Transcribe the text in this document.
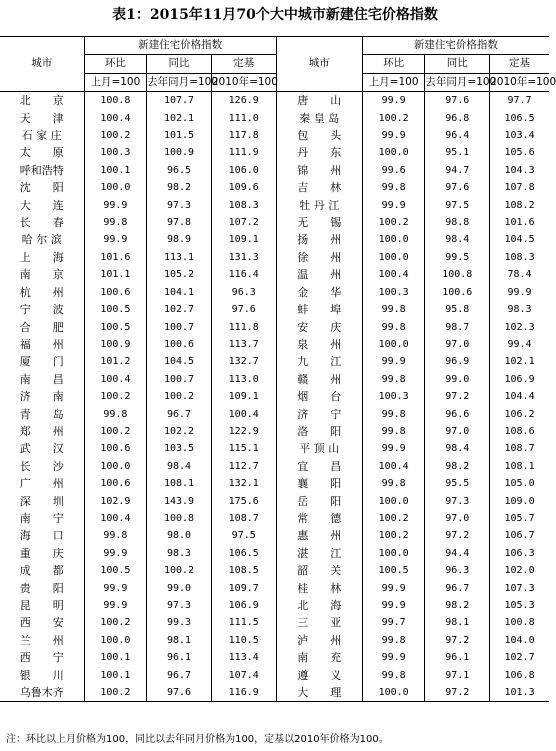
表1：2015年11月70个大中城市新建住宅价格指数
城市	新建住宅价格指数			城市	新建住宅价格指数		
	环比	同比	定基		环比	同比	定基
	上月=100	去年同月=100	2010年=100		上月=100	去年同月=100	2010年=100
北　　京	100.8	107.7	126.9	唐　　山	99.9	97.6	97.7
天　　津	100.4	102.1	111.0	秦 皇 岛	100.2	96.8	106.5
石 家 庄	100.2	101.5	117.8	包　　头	99.9	96.4	103.4
太　　原	100.3	100.9	111.9	丹　　东	100.0	95.1	105.6
呼和浩特	100.1	96.5	106.0	锦　　州	99.6	94.7	104.3
沈　　阳	100.0	98.2	109.6	吉　　林	99.8	97.6	107.8
大　　连	99.9	97.3	108.3	牡 丹 江	99.9	97.5	108.2
长　　春	99.8	97.8	107.2	无　　锡	100.2	98.8	101.6
哈 尔 滨	99.9	98.9	109.1	扬　　州	100.0	98.4	104.5
上　　海	101.6	113.1	131.3	徐　　州	100.0	99.5	108.3
南　　京	101.1	105.2	116.4	温　　州	100.4	100.8	78.4
杭　　州	100.6	104.1	96.3	金　　华	100.3	100.6	99.9
宁　　波	100.5	102.7	97.6	蚌　　埠	99.8	95.8	98.3
合　　肥	100.5	100.7	111.8	安　　庆	99.8	98.7	102.3
福　　州	100.9	100.6	113.7	泉　　州	100.0	97.0	99.4
厦　　门	101.2	104.5	132.7	九　　江	99.9	96.9	102.1
南　　昌	100.4	100.7	113.0	赣　　州	99.8	99.0	106.9
济　　南	100.2	100.2	109.1	烟　　台	100.3	97.2	104.4
青　　岛	99.8	96.7	100.4	济　　宁	99.8	96.6	106.2
郑　　州	100.2	102.2	122.9	洛　　阳	99.8	97.0	108.6
武　　汉	100.6	103.5	115.1	平 顶 山	99.9	98.4	108.7
长　　沙	100.0	98.4	112.7	宜　　昌	100.4	98.2	108.1
广　　州	100.6	108.1	132.1	襄　　阳	99.8	95.5	105.0
深　　圳	102.9	143.9	175.6	岳　　阳	100.0	97.3	109.0
南　　宁	100.4	100.8	108.7	常　　德	100.2	97.0	105.7
海　　口	99.8	98.0	97.5	惠　　州	100.2	97.2	106.7
重　　庆	99.9	98.3	106.5	湛　　江	100.0	94.4	106.3
成　　都	100.5	100.2	108.5	韶　　关	100.5	96.3	102.0
贵　　阳	99.9	99.0	109.7	桂　　林	99.9	96.7	107.3
昆　　明	99.9	97.3	106.9	北　　海	99.9	98.2	105.3
西　　安	100.2	99.3	111.5	三　　亚	99.7	98.1	100.8
兰　　州	100.0	98.1	110.5	泸　　州	99.8	97.2	104.0
西　　宁	100.1	96.1	113.4	南　　充	99.9	96.1	102.7
银　　川	100.1	96.7	107.4	遵　　义	99.8	97.1	106.8
乌鲁木齐	100.2	97.6	116.9	大　　理	100.0	97.2	101.3
注：环比以上月价格为100，同比以去年同月价格为100，定基以2010年价格为100。
